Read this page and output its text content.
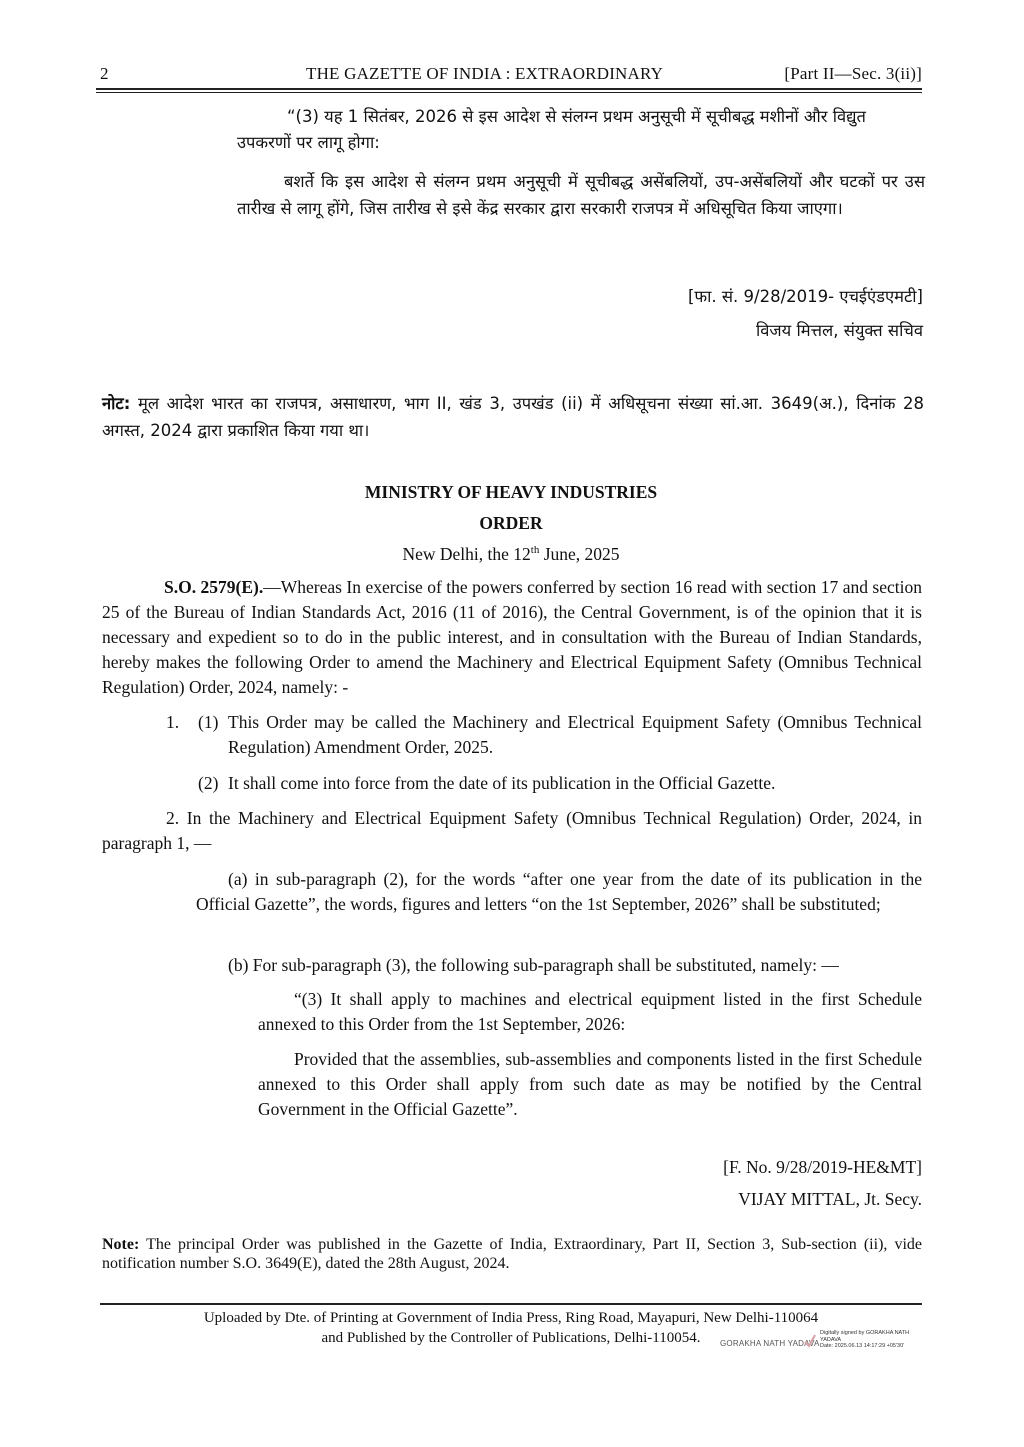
2	THE GAZETTE OF INDIA : EXTRAORDINARY	[Part II—Sec. 3(ii)]
“(3) यह 1 सितंबर, 2026 से इस आदेश से संलग्न प्रथम अनुसूची में सूचीबद्ध मशीनों और विद्युत
उपकरणों पर लागू होगा:
बशर्ते कि इस आदेश से संलग्न प्रथम अनुसूची में सूचीबद्ध असेंबलियों, उप-असेंबलियों और घटकों पर उस तारीख से लागू होंगे, जिस तारीख से इसे केंद्र सरकार द्वारा सरकारी राजपत्र में अधिसूचित किया जाएगा।
[फा. सं. 9/28/2019- एचईएंडएमटी]
विजय मित्तल, संयुक्त सचिव
नोट: मूल आदेश भारत का राजपत्र, असाधारण, भाग II, खंड 3, उपखंड (ii) में अधिसूचना संख्या सां.आ. 3649(अ.), दिनांक 28 अगस्त, 2024 द्वारा प्रकाशित किया गया था।
MINISTRY OF HEAVY INDUSTRIES
ORDER
New Delhi, the 12th June, 2025
S.O. 2579(E).—Whereas In exercise of the powers conferred by section 16 read with section 17 and section 25 of the Bureau of Indian Standards Act, 2016 (11 of 2016), the Central Government, is of the opinion that it is necessary and expedient so to do in the public interest, and in consultation with the Bureau of Indian Standards, hereby makes the following Order to amend the Machinery and Electrical Equipment Safety (Omnibus Technical Regulation) Order, 2024, namely: -
1. (1) This Order may be called the Machinery and Electrical Equipment Safety (Omnibus Technical Regulation) Amendment Order, 2025.
(2) It shall come into force from the date of its publication in the Official Gazette.
2. In the Machinery and Electrical Equipment Safety (Omnibus Technical Regulation) Order, 2024, in paragraph 1, —
(a) in sub-paragraph (2), for the words “after one year from the date of its publication in the Official Gazette”, the words, figures and letters “on the 1st September, 2026” shall be substituted;
(b) For sub-paragraph (3), the following sub-paragraph shall be substituted, namely: —
“(3) It shall apply to machines and electrical equipment listed in the first Schedule annexed to this Order from the 1st September, 2026:
Provided that the assemblies, sub-assemblies and components listed in the first Schedule annexed to this Order shall apply from such date as may be notified by the Central Government in the Official Gazette”.
[F. No. 9/28/2019-HE&MT]
VIJAY MITTAL, Jt. Secy.
Note: The principal Order was published in the Gazette of India, Extraordinary, Part II, Section 3, Sub-section (ii), vide notification number S.O. 3649(E), dated the 28th August, 2024.
Uploaded by Dte. of Printing at Government of India Press, Ring Road, Mayapuri, New Delhi-110064
and Published by the Controller of Publications, Delhi-110054.	GORAKHA NATH YADAVA
Digitally signed by GORAKHA NATH
YADAVA
Date: 2025.06.13 14:17:29 +05'30'
